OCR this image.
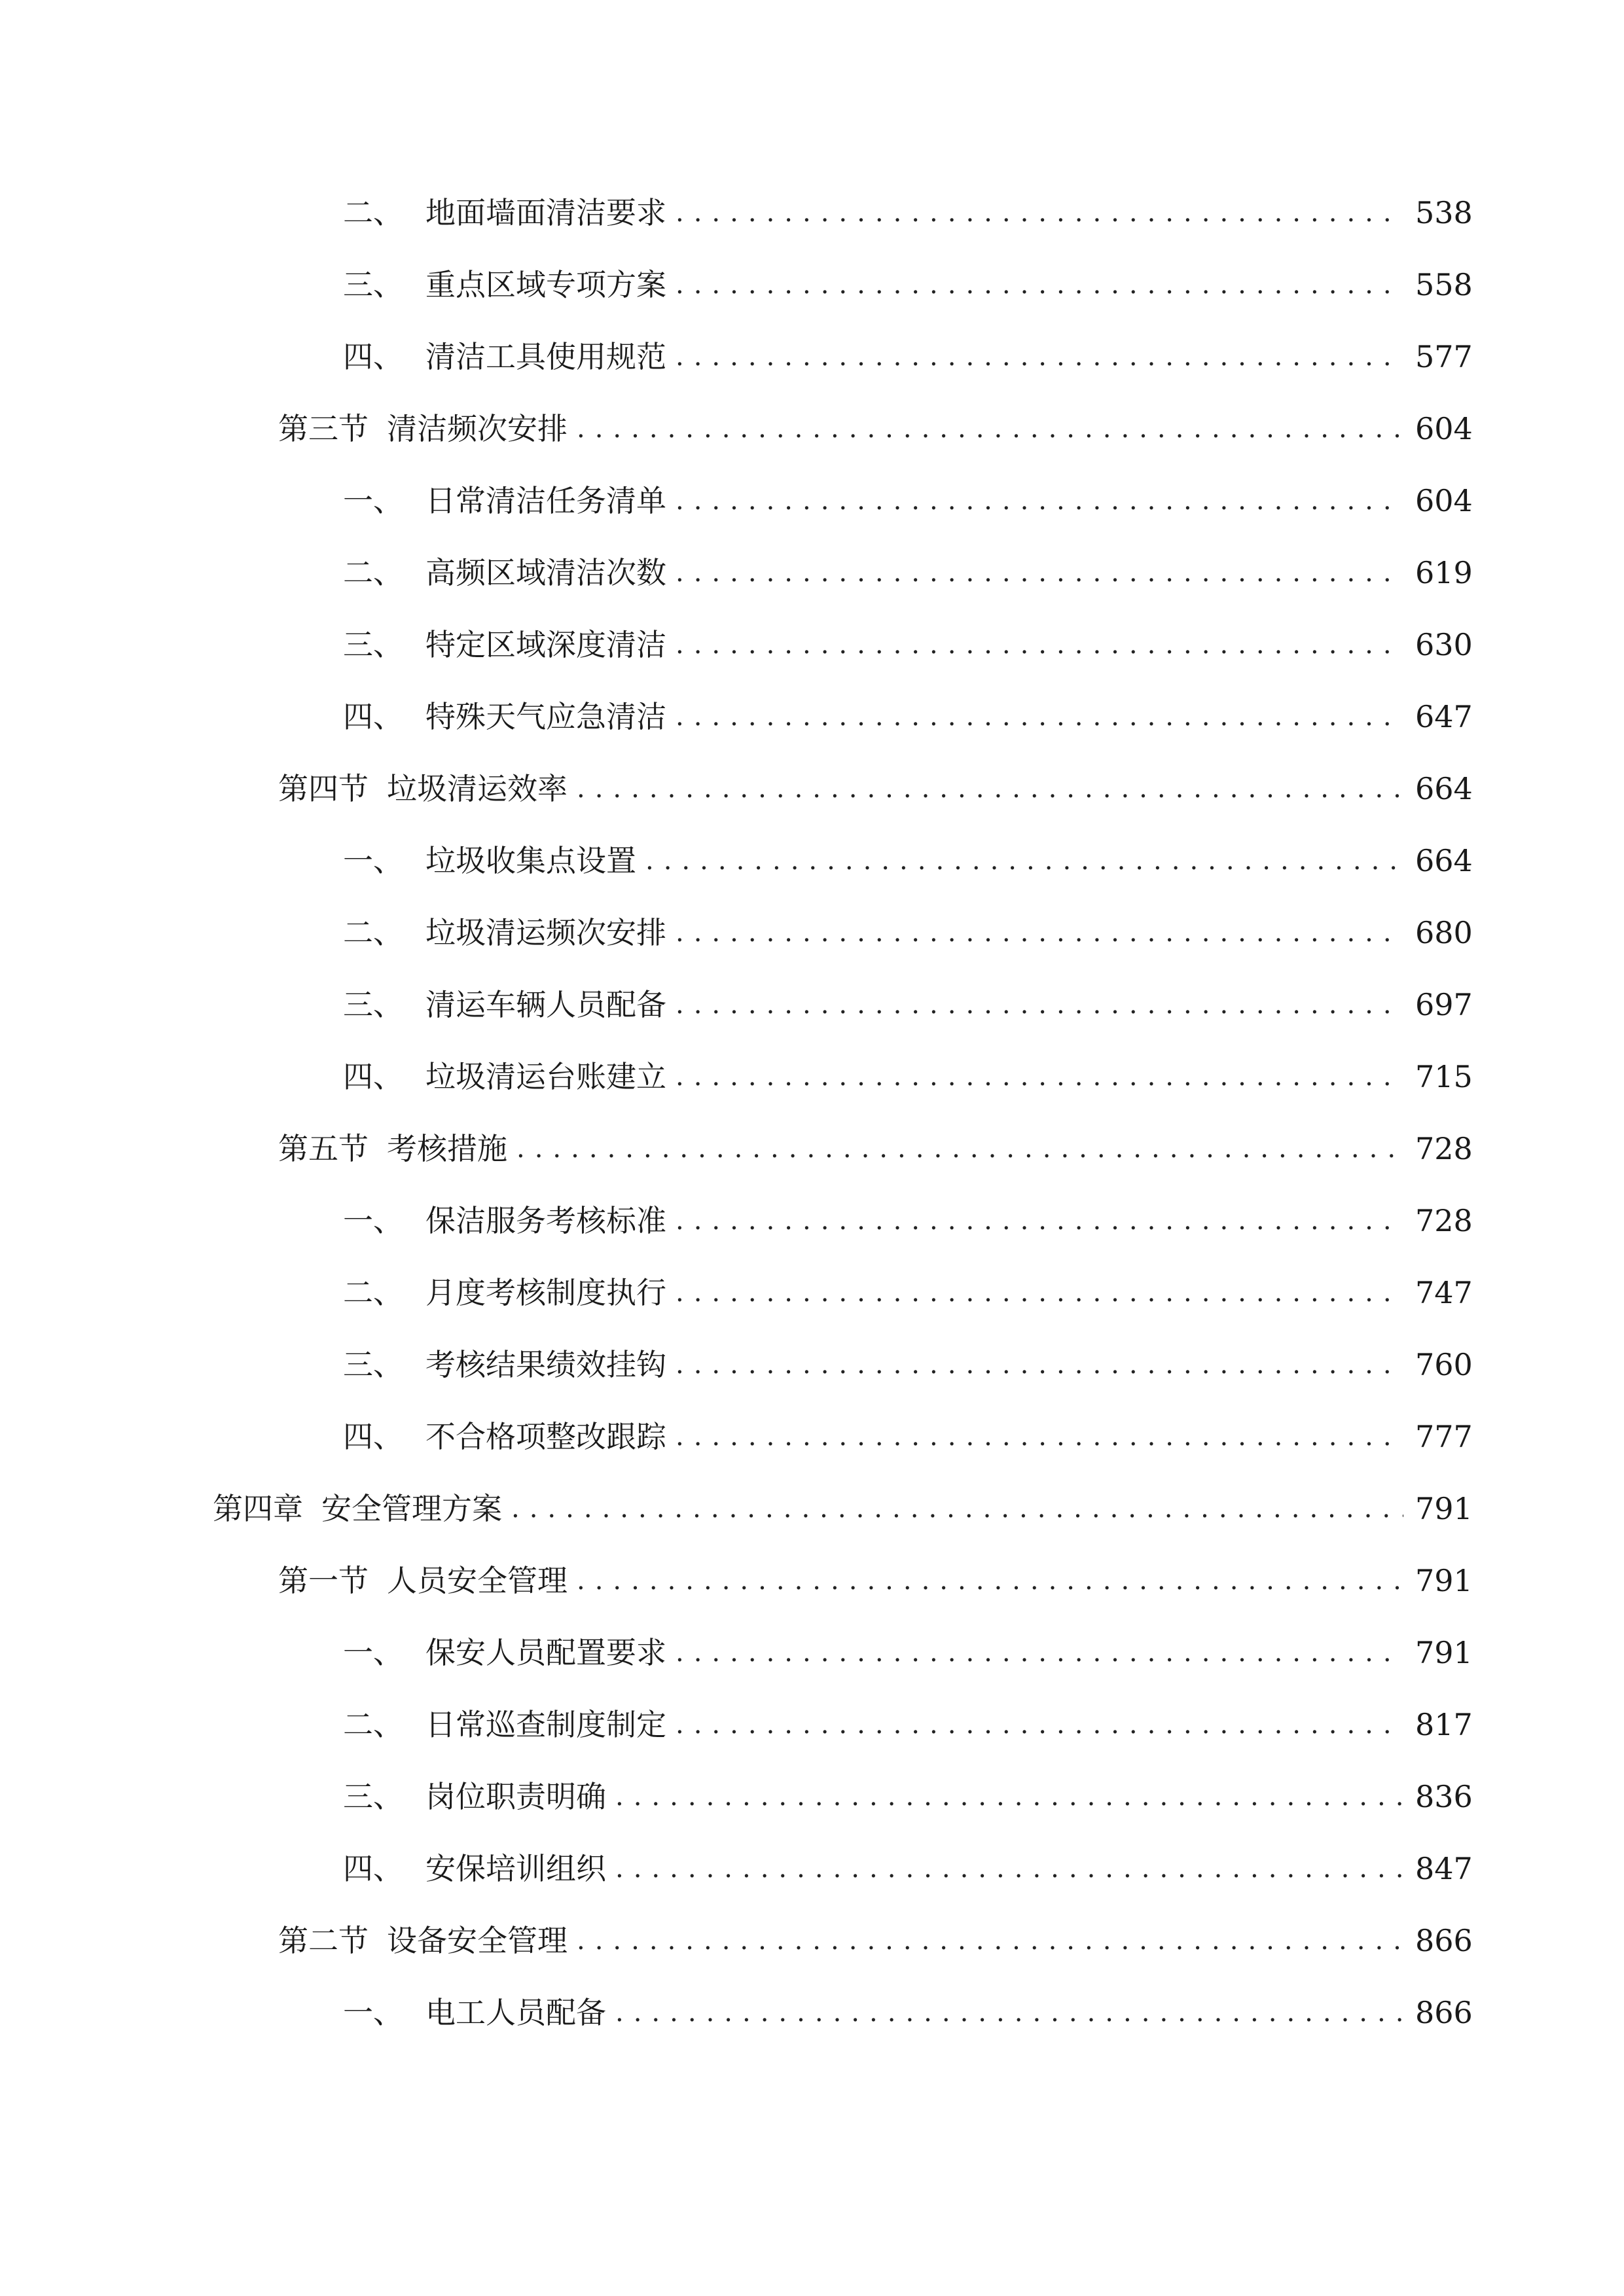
二、 地面墙面清洁要求 .....	538
三、 重点区域专项方案 .....	558
四、 清洁工具使用规范 .....	577
第三节 清洁频次安排 .....	604
一、 日常清洁任务清单 .....	604
二、 高频区域清洁次数 .....	619
三、 特定区域深度清洁 .....	630
四、 特殊天气应急清洁 .....	647
第四节 垃圾清运效率 .....	664
一、 垃圾收集点设置 .....	664
二、 垃圾清运频次安排 .....	680
三、 清运车辆人员配备 .....	697
四、 垃圾清运台账建立 .....	715
第五节 考核措施 .....	728
一、 保洁服务考核标准 .....	728
二、 月度考核制度执行 .....	747
三、 考核结果绩效挂钩 .....	760
四、 不合格项整改跟踪 .....	777
第四章 安全管理方案 .....	791
第一节 人员安全管理 .....	791
一、 保安人员配置要求 .....	791
二、 日常巡查制度制定 .....	817
三、 岗位职责明确 .....	836
四、 安保培训组织 .....	847
第二节 设备安全管理 .....	866
一、 电工人员配备 .....	866
